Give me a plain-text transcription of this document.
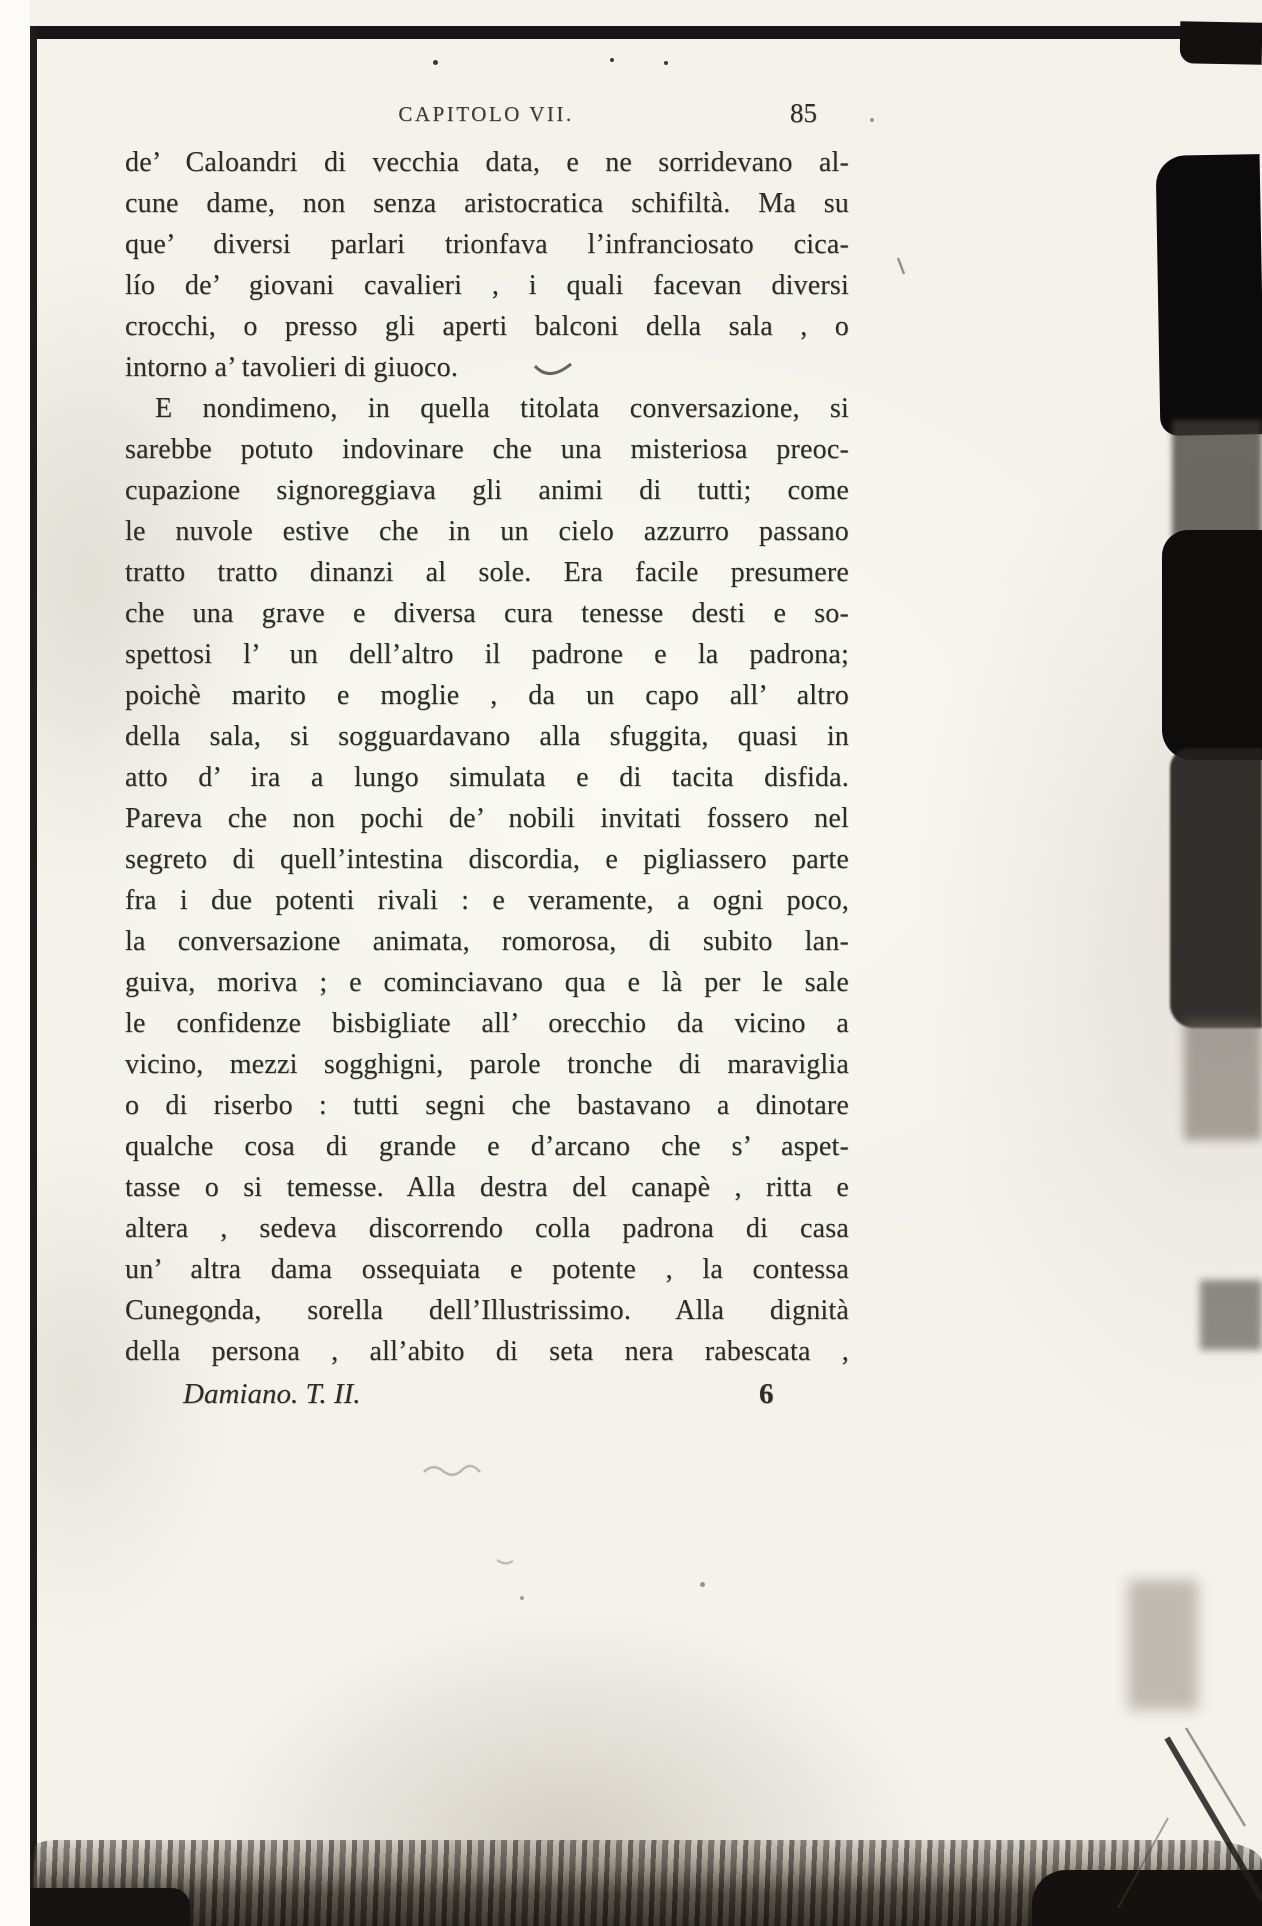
CAPITOLO VII.	85
de’ Caloandri di vecchia data, e ne sorridevano al-
cune dame, non senza aristocratica schifiltà. Ma su
que’ diversi parlari trionfava l’infranciosato cica-
lío de’ giovani cavalieri , i quali facevan diversi
crocchi, o presso gli aperti balconi della sala , o
intorno a’ tavolieri di giuoco.
E nondimeno, in quella titolata conversazione, si
sarebbe potuto indovinare che una misteriosa preoc-
cupazione signoreggiava gli animi di tutti; come
le nuvole estive che in un cielo azzurro passano
tratto tratto dinanzi al sole. Era facile presumere
che una grave e diversa cura tenesse desti e so-
spettosi l’ un dell’altro il padrone e la padrona;
poichè marito e moglie , da un capo all’ altro
della sala, si sogguardavano alla sfuggita, quasi in
atto d’ ira a lungo simulata e di tacita disfida.
Pareva che non pochi de’ nobili invitati fossero nel
segreto di quell’intestina discordia, e pigliassero parte
fra i due potenti rivali : e veramente, a ogni poco,
la conversazione animata, romorosa, di subito lan-
guiva, moriva ; e cominciavano qua e là per le sale
le confidenze bisbigliate all’ orecchio da vicino a
vicino, mezzi sogghigni, parole tronche di maraviglia
o di riserbo : tutti segni che bastavano a dinotare
qualche cosa di grande e d’arcano che s’ aspet-
tasse o si temesse. Alla destra del canapè , ritta e
altera , sedeva discorrendo colla padrona di casa
un’ altra dama ossequiata e potente , la contessa
Cunegonda, sorella dell’Illustrissimo. Alla dignità
della persona , all’abito di seta nera rabescata ,
Damiano. T. II.	6
